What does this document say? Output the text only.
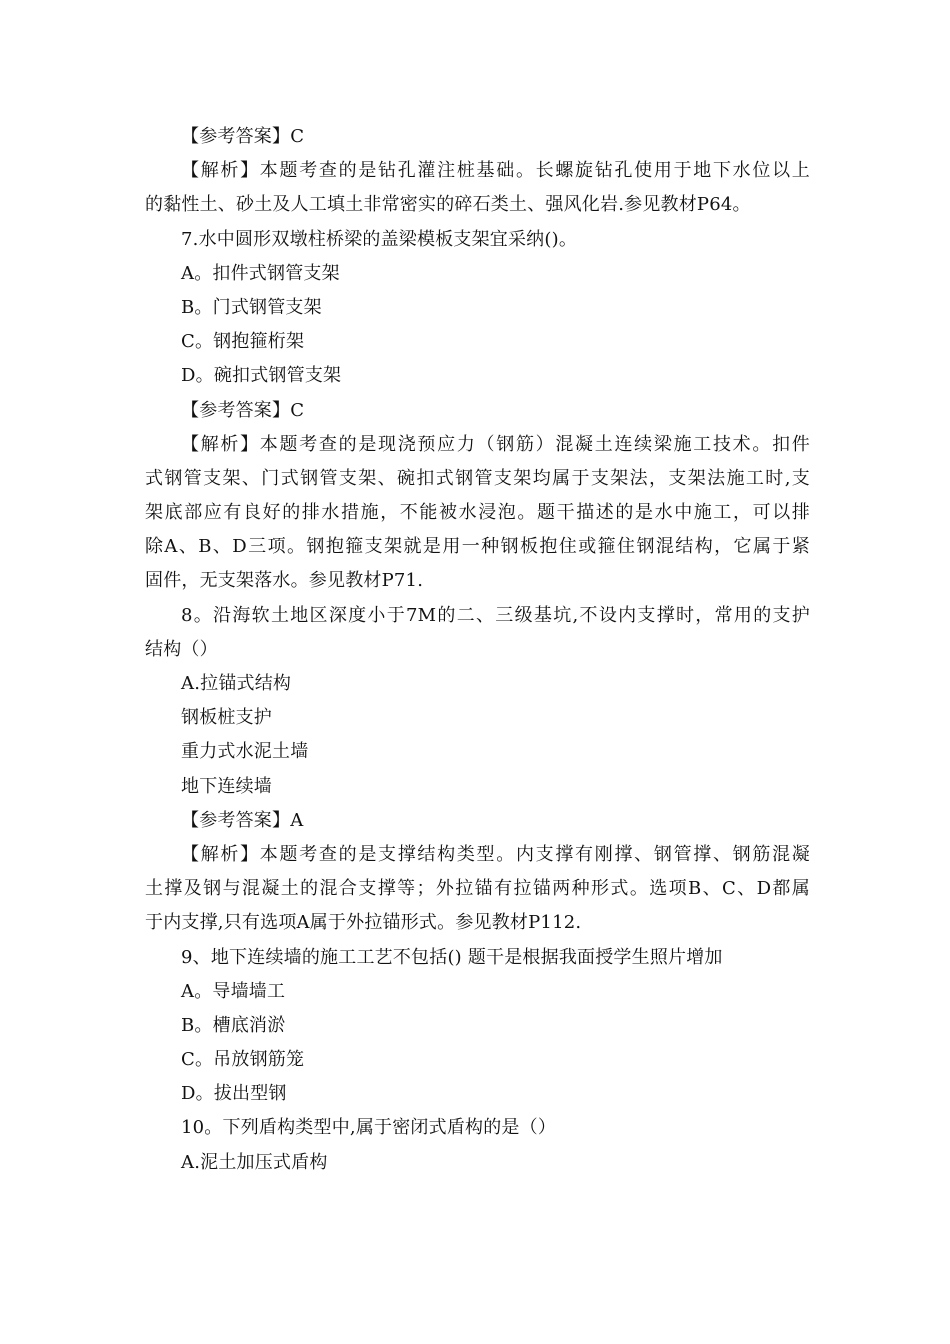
【参考答案】C
【解析】本题考查的是钻孔灌注桩基础。长螺旋钻孔使用于地下水位以上
的黏性土、砂土及人工填土非常密实的碎石类土、强风化岩.参见教材P64。
7.水中圆形双墩柱桥梁的盖梁模板支架宜采纳()。
A。扣件式钢管支架
B。门式钢管支架
C。钢抱箍桁架
D。碗扣式钢管支架
【参考答案】C
【解析】本题考查的是现浇预应力（钢筋）混凝土连续梁施工技术。扣件
式钢管支架、门式钢管支架、碗扣式钢管支架均属于支架法，支架法施工时,支
架底部应有良好的排水措施，不能被水浸泡。题干描述的是水中施工，可以排
除A、B、D三项。钢抱箍支架就是用一种钢板抱住或箍住钢混结构，它属于紧
固件，无支架落水。参见教材P71.
8。沿海软土地区深度小于7M的二、三级基坑,不设内支撑时，常用的支护
结构（）
A.拉锚式结构
钢板桩支护
重力式水泥土墙
地下连续墙
【参考答案】A
【解析】本题考查的是支撑结构类型。内支撑有刚撑、钢管撑、钢筋混凝
土撑及钢与混凝土的混合支撑等；外拉锚有拉锚两种形式。选项B、C、D都属
于内支撑,只有选项A属于外拉锚形式。参见教材P112.
9、地下连续墙的施工工艺不包括() 题干是根据我面授学生照片增加
A。导墙墙工
B。槽底消淤
C。吊放钢筋笼
D。拔出型钢
10。下列盾构类型中,属于密闭式盾构的是（）
A.泥土加压式盾构
